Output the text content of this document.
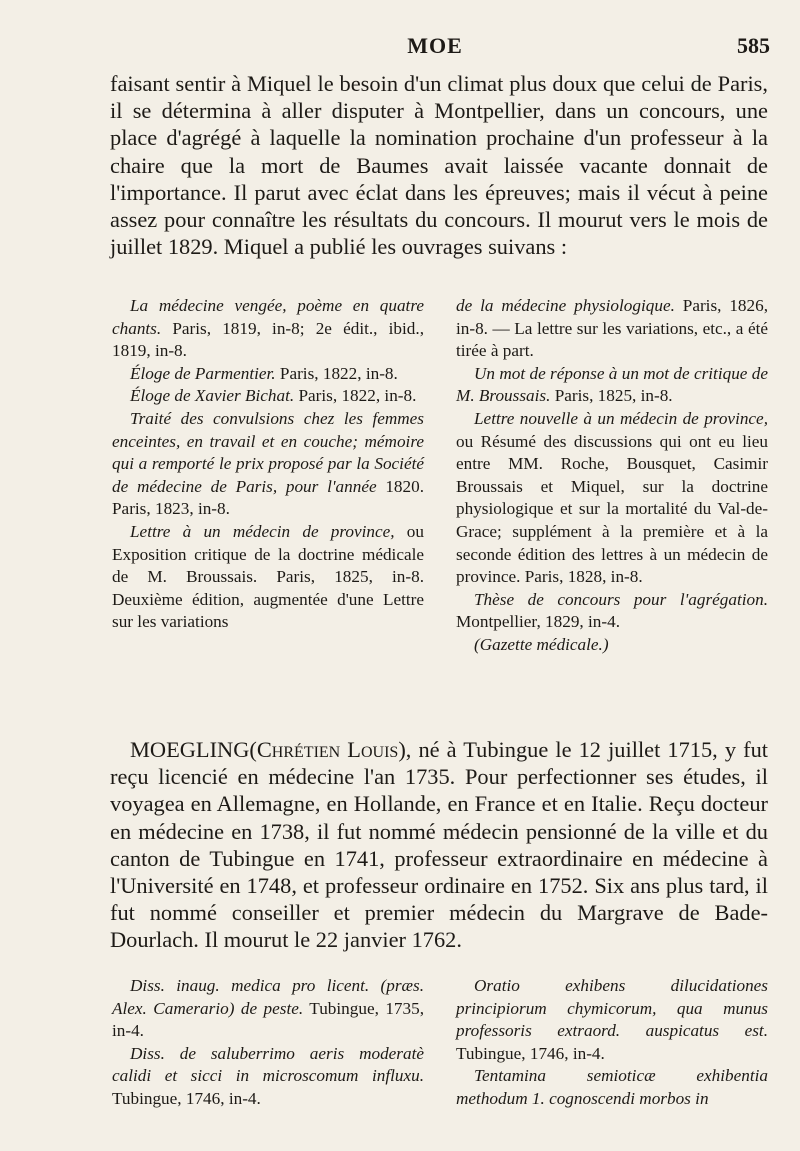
MOE	585
faisant sentir à Miquel le besoin d'un climat plus doux que celui de Paris, il se détermina à aller disputer à Montpellier, dans un concours, une place d'agrégé à laquelle la nomination prochaine d'un professeur à la chaire que la mort de Baumes avait laissée vacante donnait de l'importance. Il parut avec éclat dans les épreuves; mais il vécut à peine assez pour connaître les résultats du concours. Il mourut vers le mois de juillet 1829. Miquel a publié les ouvrages suivans :

La médecine vengée, poème en quatre chants. Paris, 1819, in-8; 2e édit., ibid., 1819, in-8.

Éloge de Parmentier. Paris, 1822, in-8.

Éloge de Xavier Bichat. Paris, 1822, in-8.

Traité des convulsions chez les femmes enceintes, en travail et en couche; mémoire qui a remporté le prix proposé par la Société de médecine de Paris, pour l'année 1820. Paris, 1823, in-8.

Lettre à un médecin de province, ou Exposition critique de la doctrine médicale de M. Broussais. Paris, 1825, in-8. Deuxième édition, augmentée d'une Lettre sur les variations

de la médecine physiologique. Paris, 1826, in-8. — La lettre sur les variations, etc., a été tirée à part.

Un mot de réponse à un mot de critique de M. Broussais. Paris, 1825, in-8.

Lettre nouvelle à un médecin de province, ou Résumé des discussions qui ont eu lieu entre MM. Roche, Bousquet, Casimir Broussais et Miquel, sur la doctrine physiologique et sur la mortalité du Val-de-Grace; supplément à la première et à la seconde édition des lettres à un médecin de province. Paris, 1828, in-8.

Thèse de concours pour l'agrégation. Montpellier, 1829, in-4.

(Gazette médicale.)

MOEGLING(Chrétien Louis), né à Tubingue le 12 juillet 1715, y fut reçu licencié en médecine l'an 1735. Pour perfectionner ses études, il voyagea en Allemagne, en Hollande, en France et en Italie. Reçu docteur en médecine en 1738, il fut nommé médecin pensionné de la ville et du canton de Tubingue en 1741, professeur extraordinaire en médecine à l'Université en 1748, et professeur ordinaire en 1752. Six ans plus tard, il fut nommé conseiller et premier médecin du Margrave de Bade-Dourlach. Il mourut le 22 janvier 1762.

Diss. inaug. medica pro licent. (præs. Alex. Camerario) de peste. Tubingue, 1735, in-4.

Diss. de saluberrimo aeris moderatè calidi et sicci in microscomum influxu. Tubingue, 1746, in-4.

Oratio exhibens dilucidationes principiorum chymicorum, qua munus professoris extraord. auspicatus est. Tubingue, 1746, in-4.

Tentamina semioticæ exhibentia methodum 1. cognoscendi morbos in
